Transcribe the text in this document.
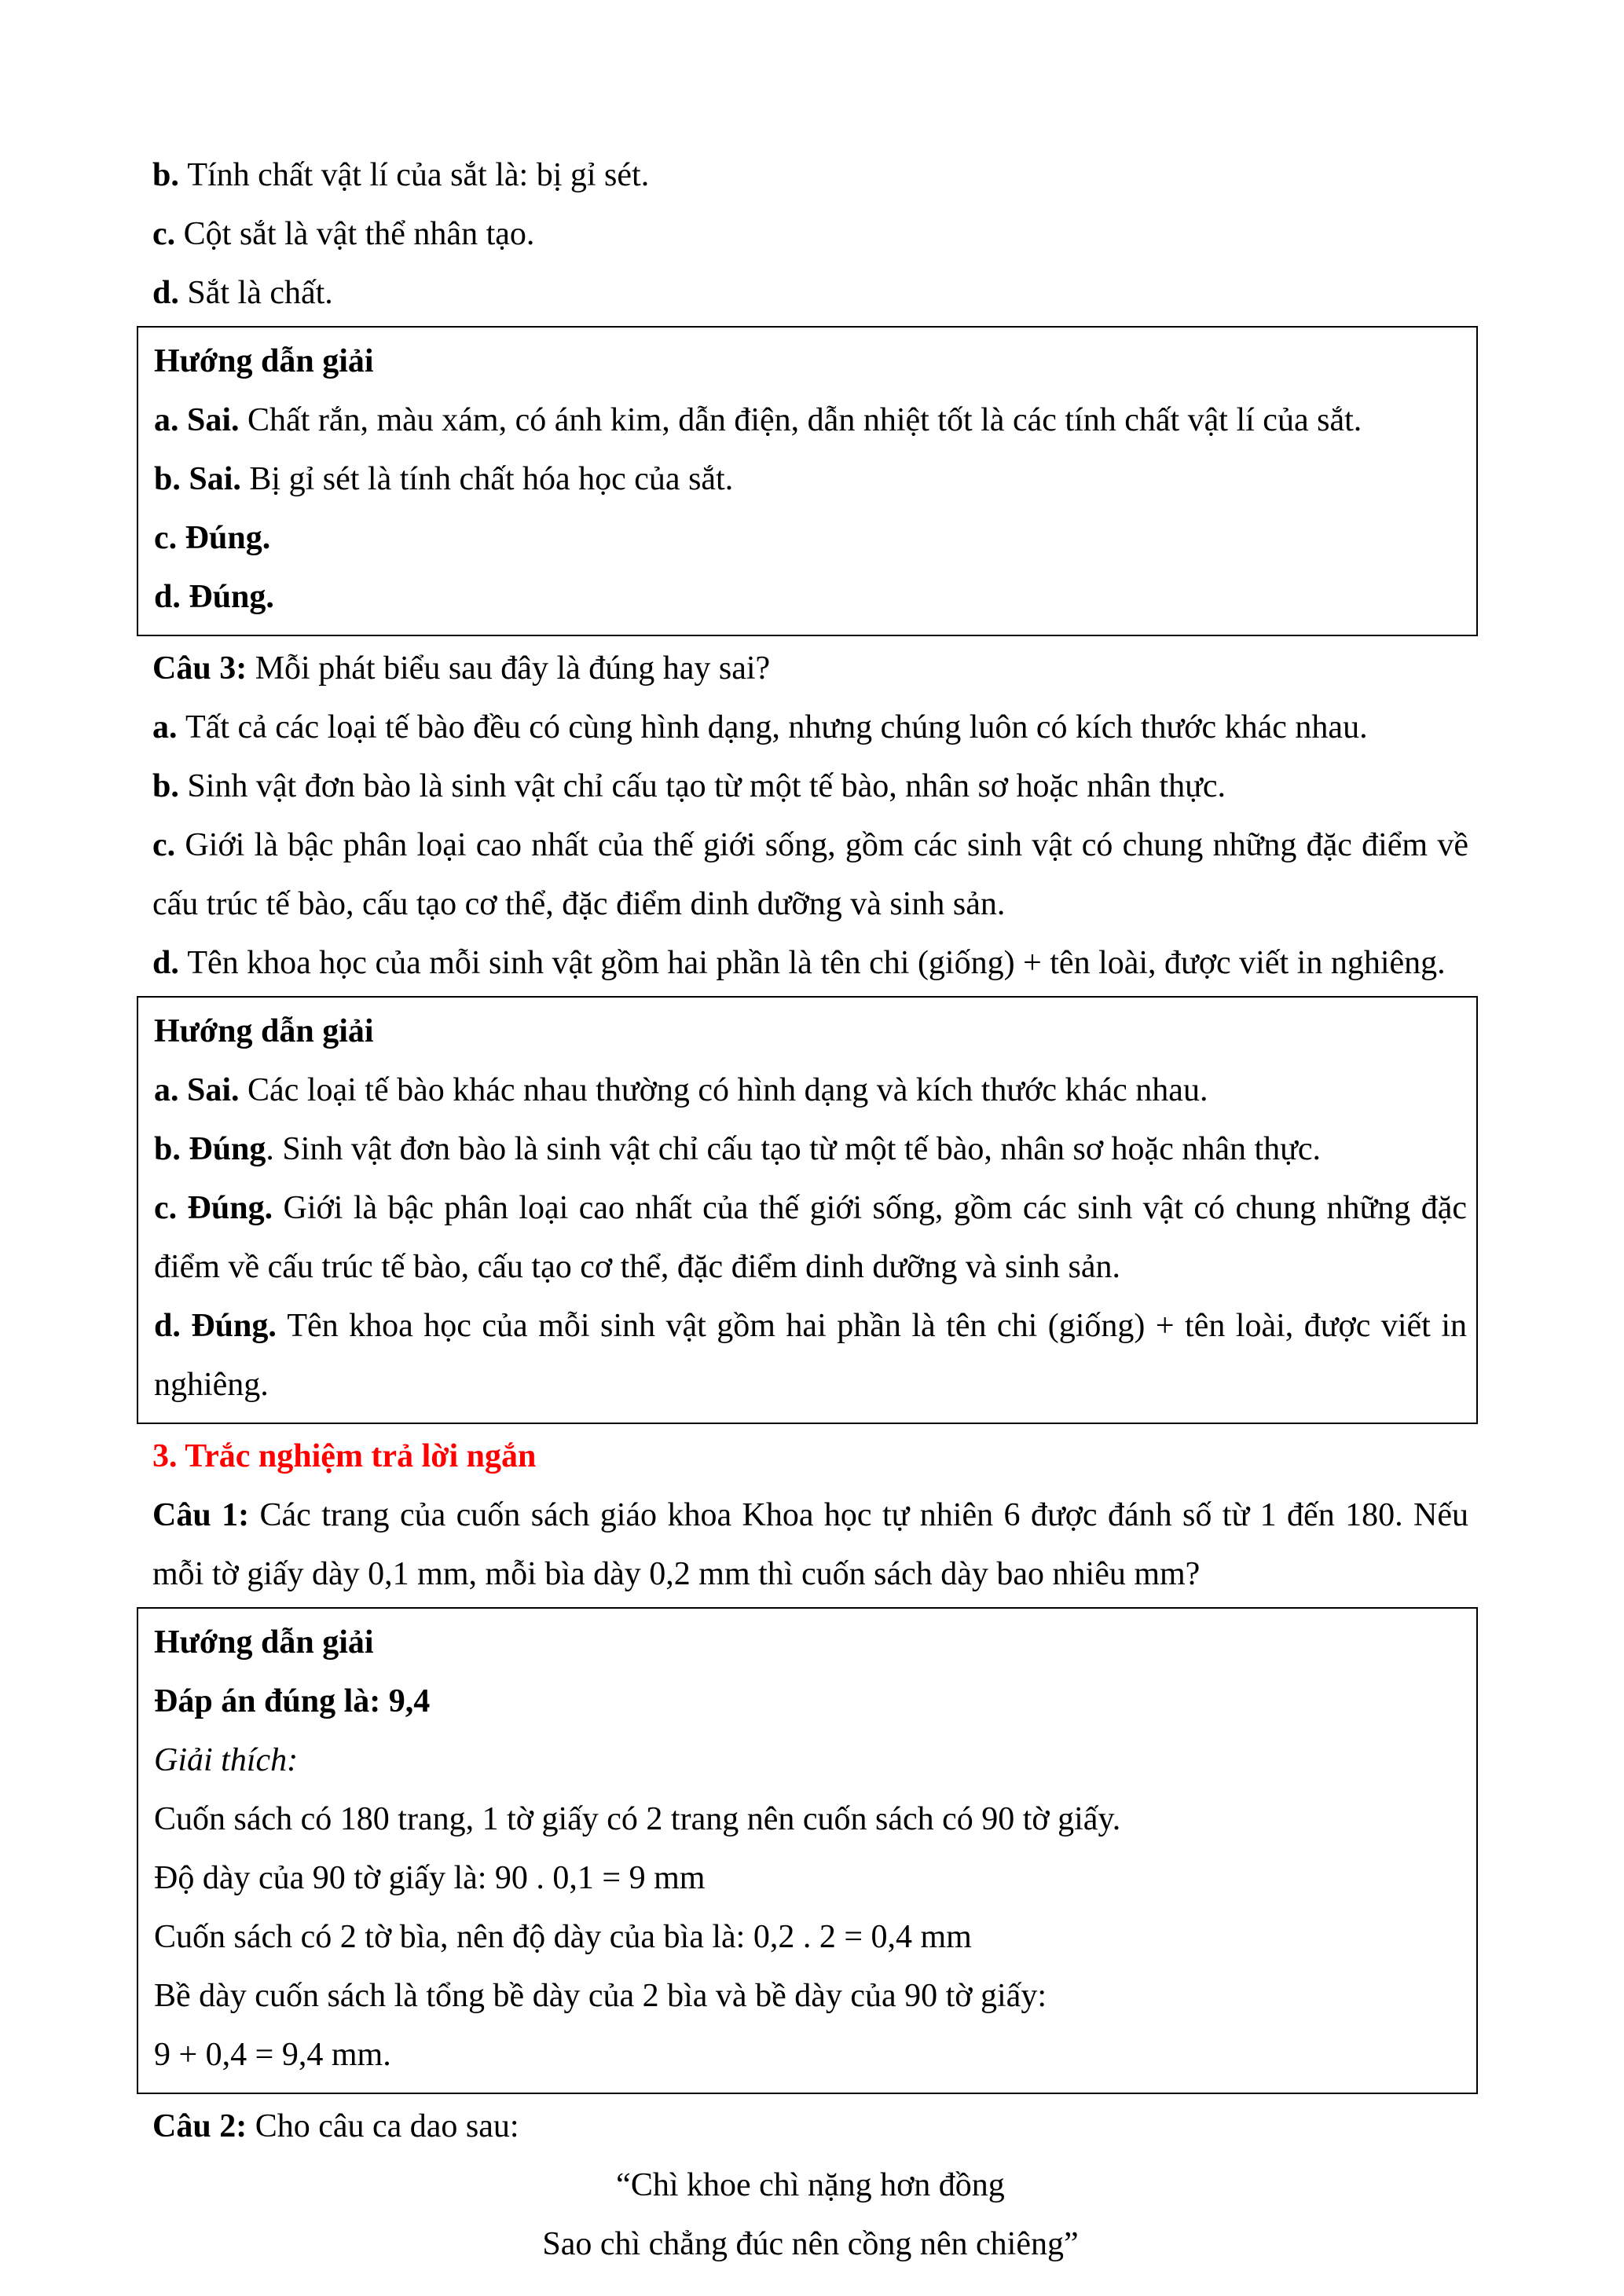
b. Tính chất vật lí của sắt là: bị gỉ sét.

c. Cột sắt là vật thể nhân tạo.

d. Sắt là chất.

Hướng dẫn giải

a. Sai. Chất rắn, màu xám, có ánh kim, dẫn điện, dẫn nhiệt tốt là các tính chất vật lí của sắt.

b. Sai. Bị gỉ sét là tính chất hóa học của sắt.

c. Đúng.

d. Đúng.

Câu 3: Mỗi phát biểu sau đây là đúng hay sai?

a. Tất cả các loại tế bào đều có cùng hình dạng, nhưng chúng luôn có kích thước khác nhau.

b. Sinh vật đơn bào là sinh vật chỉ cấu tạo từ một tế bào, nhân sơ hoặc nhân thực.

c. Giới là bậc phân loại cao nhất của thế giới sống, gồm các sinh vật có chung những đặc điểm về cấu trúc tế bào, cấu tạo cơ thể, đặc điểm dinh dưỡng và sinh sản.

d. Tên khoa học của mỗi sinh vật gồm hai phần là tên chi (giống) + tên loài, được viết in nghiêng.

Hướng dẫn giải

a. Sai. Các loại tế bào khác nhau thường có hình dạng và kích thước khác nhau.

b. Đúng. Sinh vật đơn bào là sinh vật chỉ cấu tạo từ một tế bào, nhân sơ hoặc nhân thực.

c. Đúng. Giới là bậc phân loại cao nhất của thế giới sống, gồm các sinh vật có chung những đặc điểm về cấu trúc tế bào, cấu tạo cơ thể, đặc điểm dinh dưỡng và sinh sản.

d. Đúng. Tên khoa học của mỗi sinh vật gồm hai phần là tên chi (giống) + tên loài, được viết in nghiêng.

3. Trắc nghiệm trả lời ngắn

Câu 1: Các trang của cuốn sách giáo khoa Khoa học tự nhiên 6 được đánh số từ 1 đến 180. Nếu mỗi tờ giấy dày 0,1 mm, mỗi bìa dày 0,2 mm thì cuốn sách dày bao nhiêu mm?

Hướng dẫn giải

Đáp án đúng là: 9,4

Giải thích:

Cuốn sách có 180 trang, 1 tờ giấy có 2 trang nên cuốn sách có 90 tờ giấy.

Độ dày của 90 tờ giấy là: 90 . 0,1 = 9 mm

Cuốn sách có 2 tờ bìa, nên độ dày của bìa là: 0,2 . 2 = 0,4 mm

Bề dày cuốn sách là tổng bề dày của 2 bìa và bề dày của 90 tờ giấy:

9 + 0,4 = 9,4 mm.

Câu 2: Cho câu ca dao sau:

“Chì khoe chì nặng hơn đồng

Sao chì chẳng đúc nên cồng nên chiêng”
